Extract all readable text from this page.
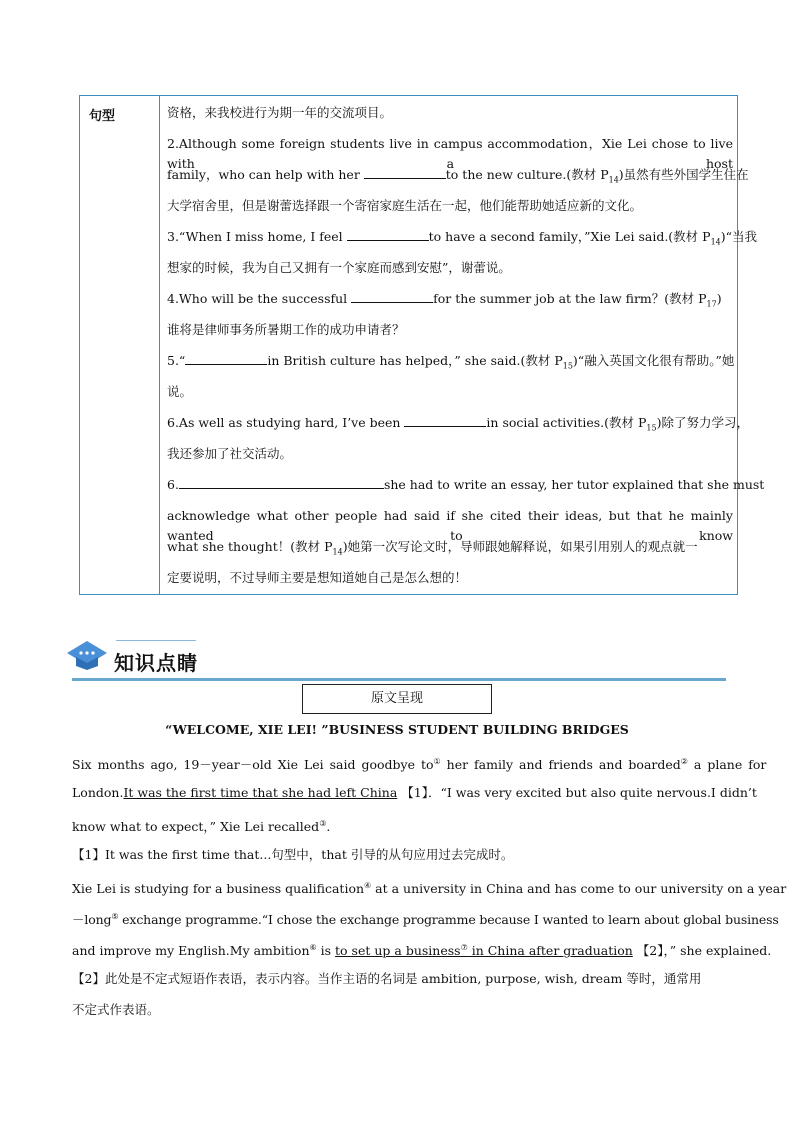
句型	资格，来我校进行为期一年的交流项目。
2.Although some foreign students live in campus accommodation，Xie Lei chose to live with a host
family，who can help with her	to the new culture.(教材 $P_{14}$)虽然有些外国学生住在
大学宿舍里，但是谢蕾选择跟一个寄宿家庭生活在一起，他们能帮助她适应新的文化。
3.“When I miss home, I feel	to have a second family，”Xie Lei said.(教材 $P_{14})“$当我
想家的时候，我为自己又拥有一个家庭而感到安慰”，谢蕾说。
4.Who will be the successful	for the summer job at the law firm？(教材 $P_{17}$)
谁将是律师事务所暑期工作的成功申请者？
5.“	in British culture has helped，” she said.(教材 $P_{15})“$融入英国文化很有帮助。”她
说。
6.As well as studying hard, I’ve been	in social activities.(教材 $P_{15}$)除了努力学习，
我还参加了社交活动。
6.	she had to write an essay, her tutor explained that she must
acknowledge what other people had said if she cited their ideas, but that he mainly wanted to know
what she thought！(教材 $P_{14}$)她第一次写论文时，导师跟她解释说，如果引用别人的观点就一
定要说明，不过导师主要是想知道她自己是怎么想的！
知识点睛
原文呈现
“WELCOME, XIE LEI! ”BUSINESS STUDENT BUILDING BRIDGES
Six months ago, 19－year－old Xie Lei said goodbye to① her family and friends and boarded② a plane for
London.It was the first time that she had left China 【1】．“I was very excited but also quite nervous.I didn’t
know what to expect，” Xie Lei recalled③.
【1】It was the first time that...句型中，that 引导的从句应用过去完成时。
Xie Lei is studying for a business qualification④ at a university in China and has come to our university on a year
－long⑤ exchange programme.“I chose the exchange programme because I wanted to learn about global business
and improve my English.My ambition⑥ is to set up a business⑦ in China after graduation 【2】，” she explained.
【2】此处是不定式短语作表语，表示内容。当作主语的名词是 ambition, purpose, wish, dream 等时，通常用
不定式作表语。
